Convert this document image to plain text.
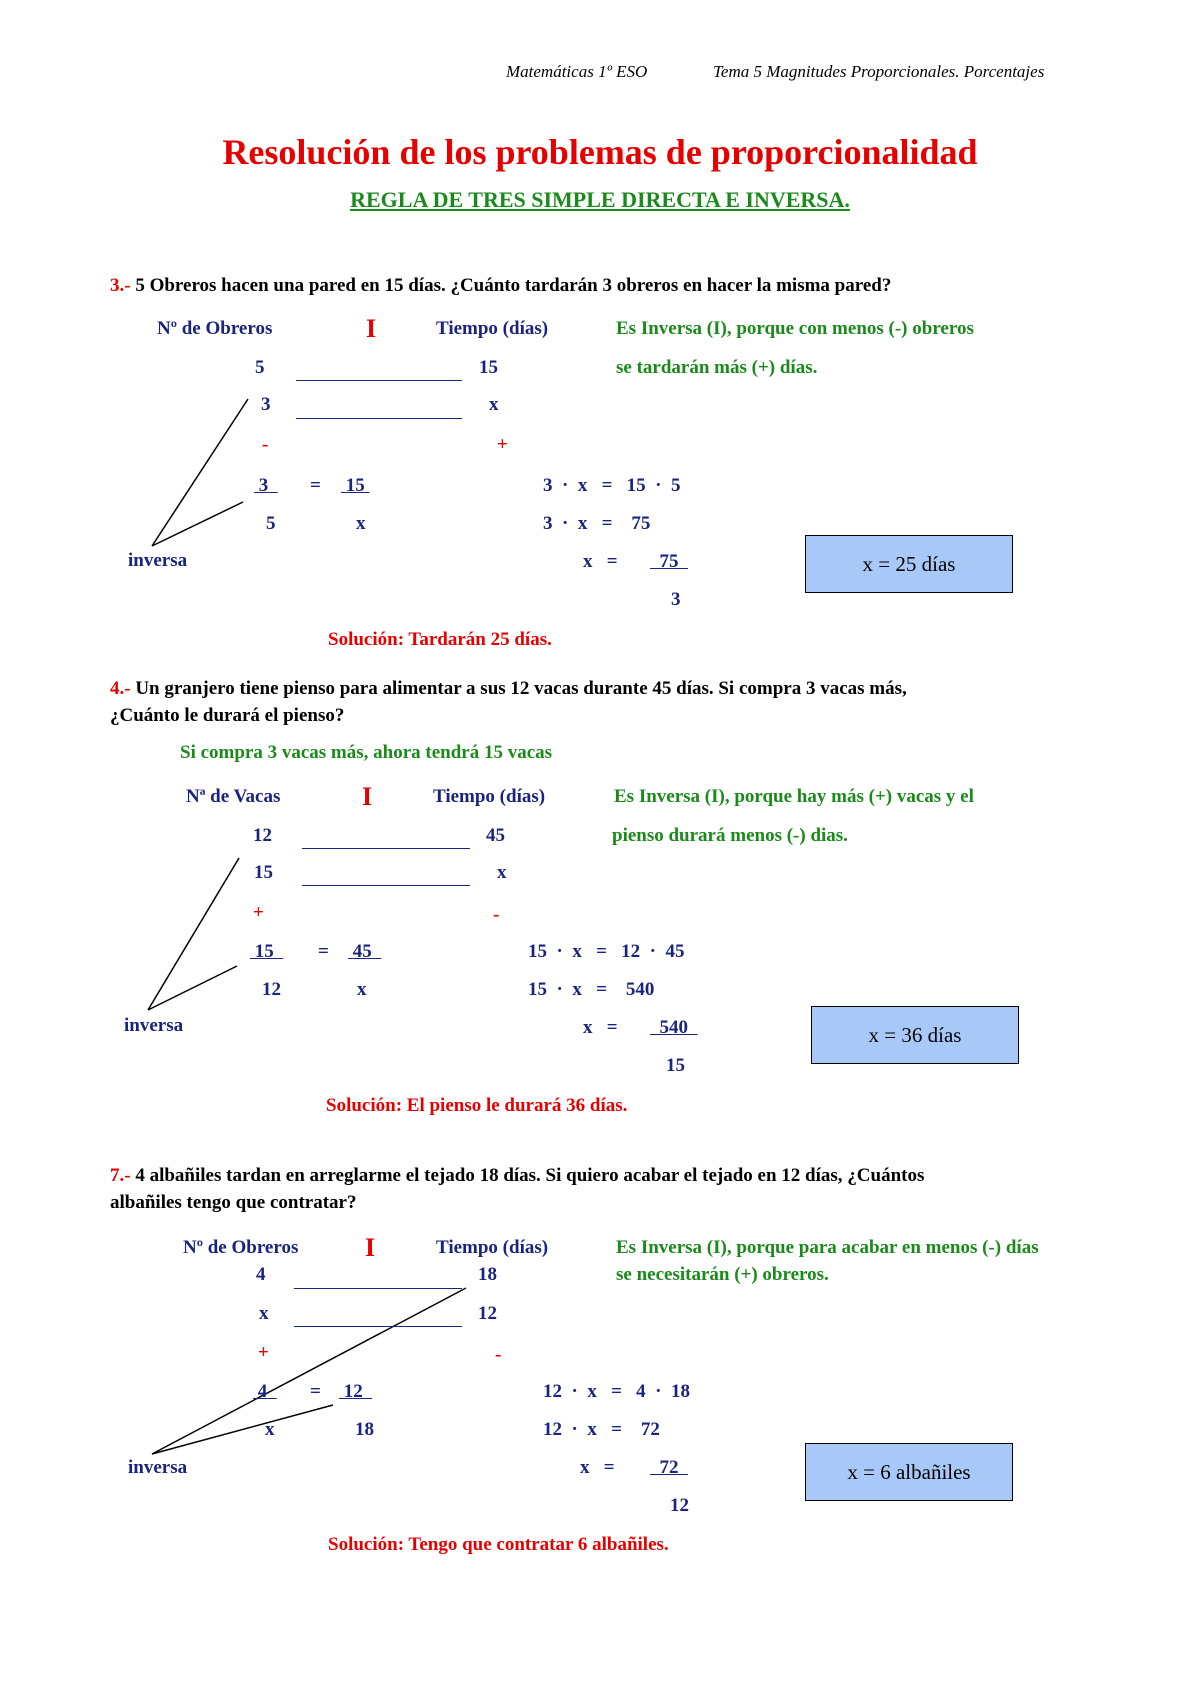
Matemáticas 1º ESO	Tema 5 Magnitudes Proporcionales. Porcentajes
Resolución de los problemas de proporcionalidad
REGLA DE TRES SIMPLE DIRECTA E INVERSA.
3.- 5 Obreros hacen una pared en 15 días. ¿Cuánto tardarán 3 obreros en hacer la misma pared?
Nº de Obreros	I	Tiempo (días)	Es Inversa (I), porque con menos (-) obreros
se tardarán más (+) días.
5	15
3	x
-	+
3	= 15
5	x
inversa
3  ·  x   =   15  ·  5
3  ·  x   =    75
x   =	75
3
x = 25 días
Solución: Tardarán 25 días.
4.- Un granjero tiene pienso para alimentar a sus 12 vacas durante 45 días. Si compra 3 vacas más,
¿Cuánto le durará el pienso?
Si compra 3 vacas más, ahora tendrá 15 vacas
Nª de Vacas	I	Tiempo (días)	Es Inversa (I), porque hay más (+) vacas y el
pienso durará menos (-) dias.
12	45
15	x
+	-
15	= 45
12	x
inversa
15  ·  x   =   12  ·  45
15  ·  x   =    540
x   =	540
15
x = 36 días
Solución: El pienso le durará 36 días.
7.- 4 albañiles tardan en arreglarme el tejado 18 días. Si quiero acabar el tejado en 12 días, ¿Cuántos
albañiles tengo que contratar?
Nº de Obreros	I	Tiempo (días)	Es Inversa (I), porque para acabar en menos (-) días
se necesitarán (+) obreros.
4	18
x	12
+	-
4	= 12
x	18
inversa
12  ·  x   =   4  ·  18
12  ·  x   =    72
x   =	72
12
x = 6 albañiles
Solución: Tengo que contratar 6 albañiles.
